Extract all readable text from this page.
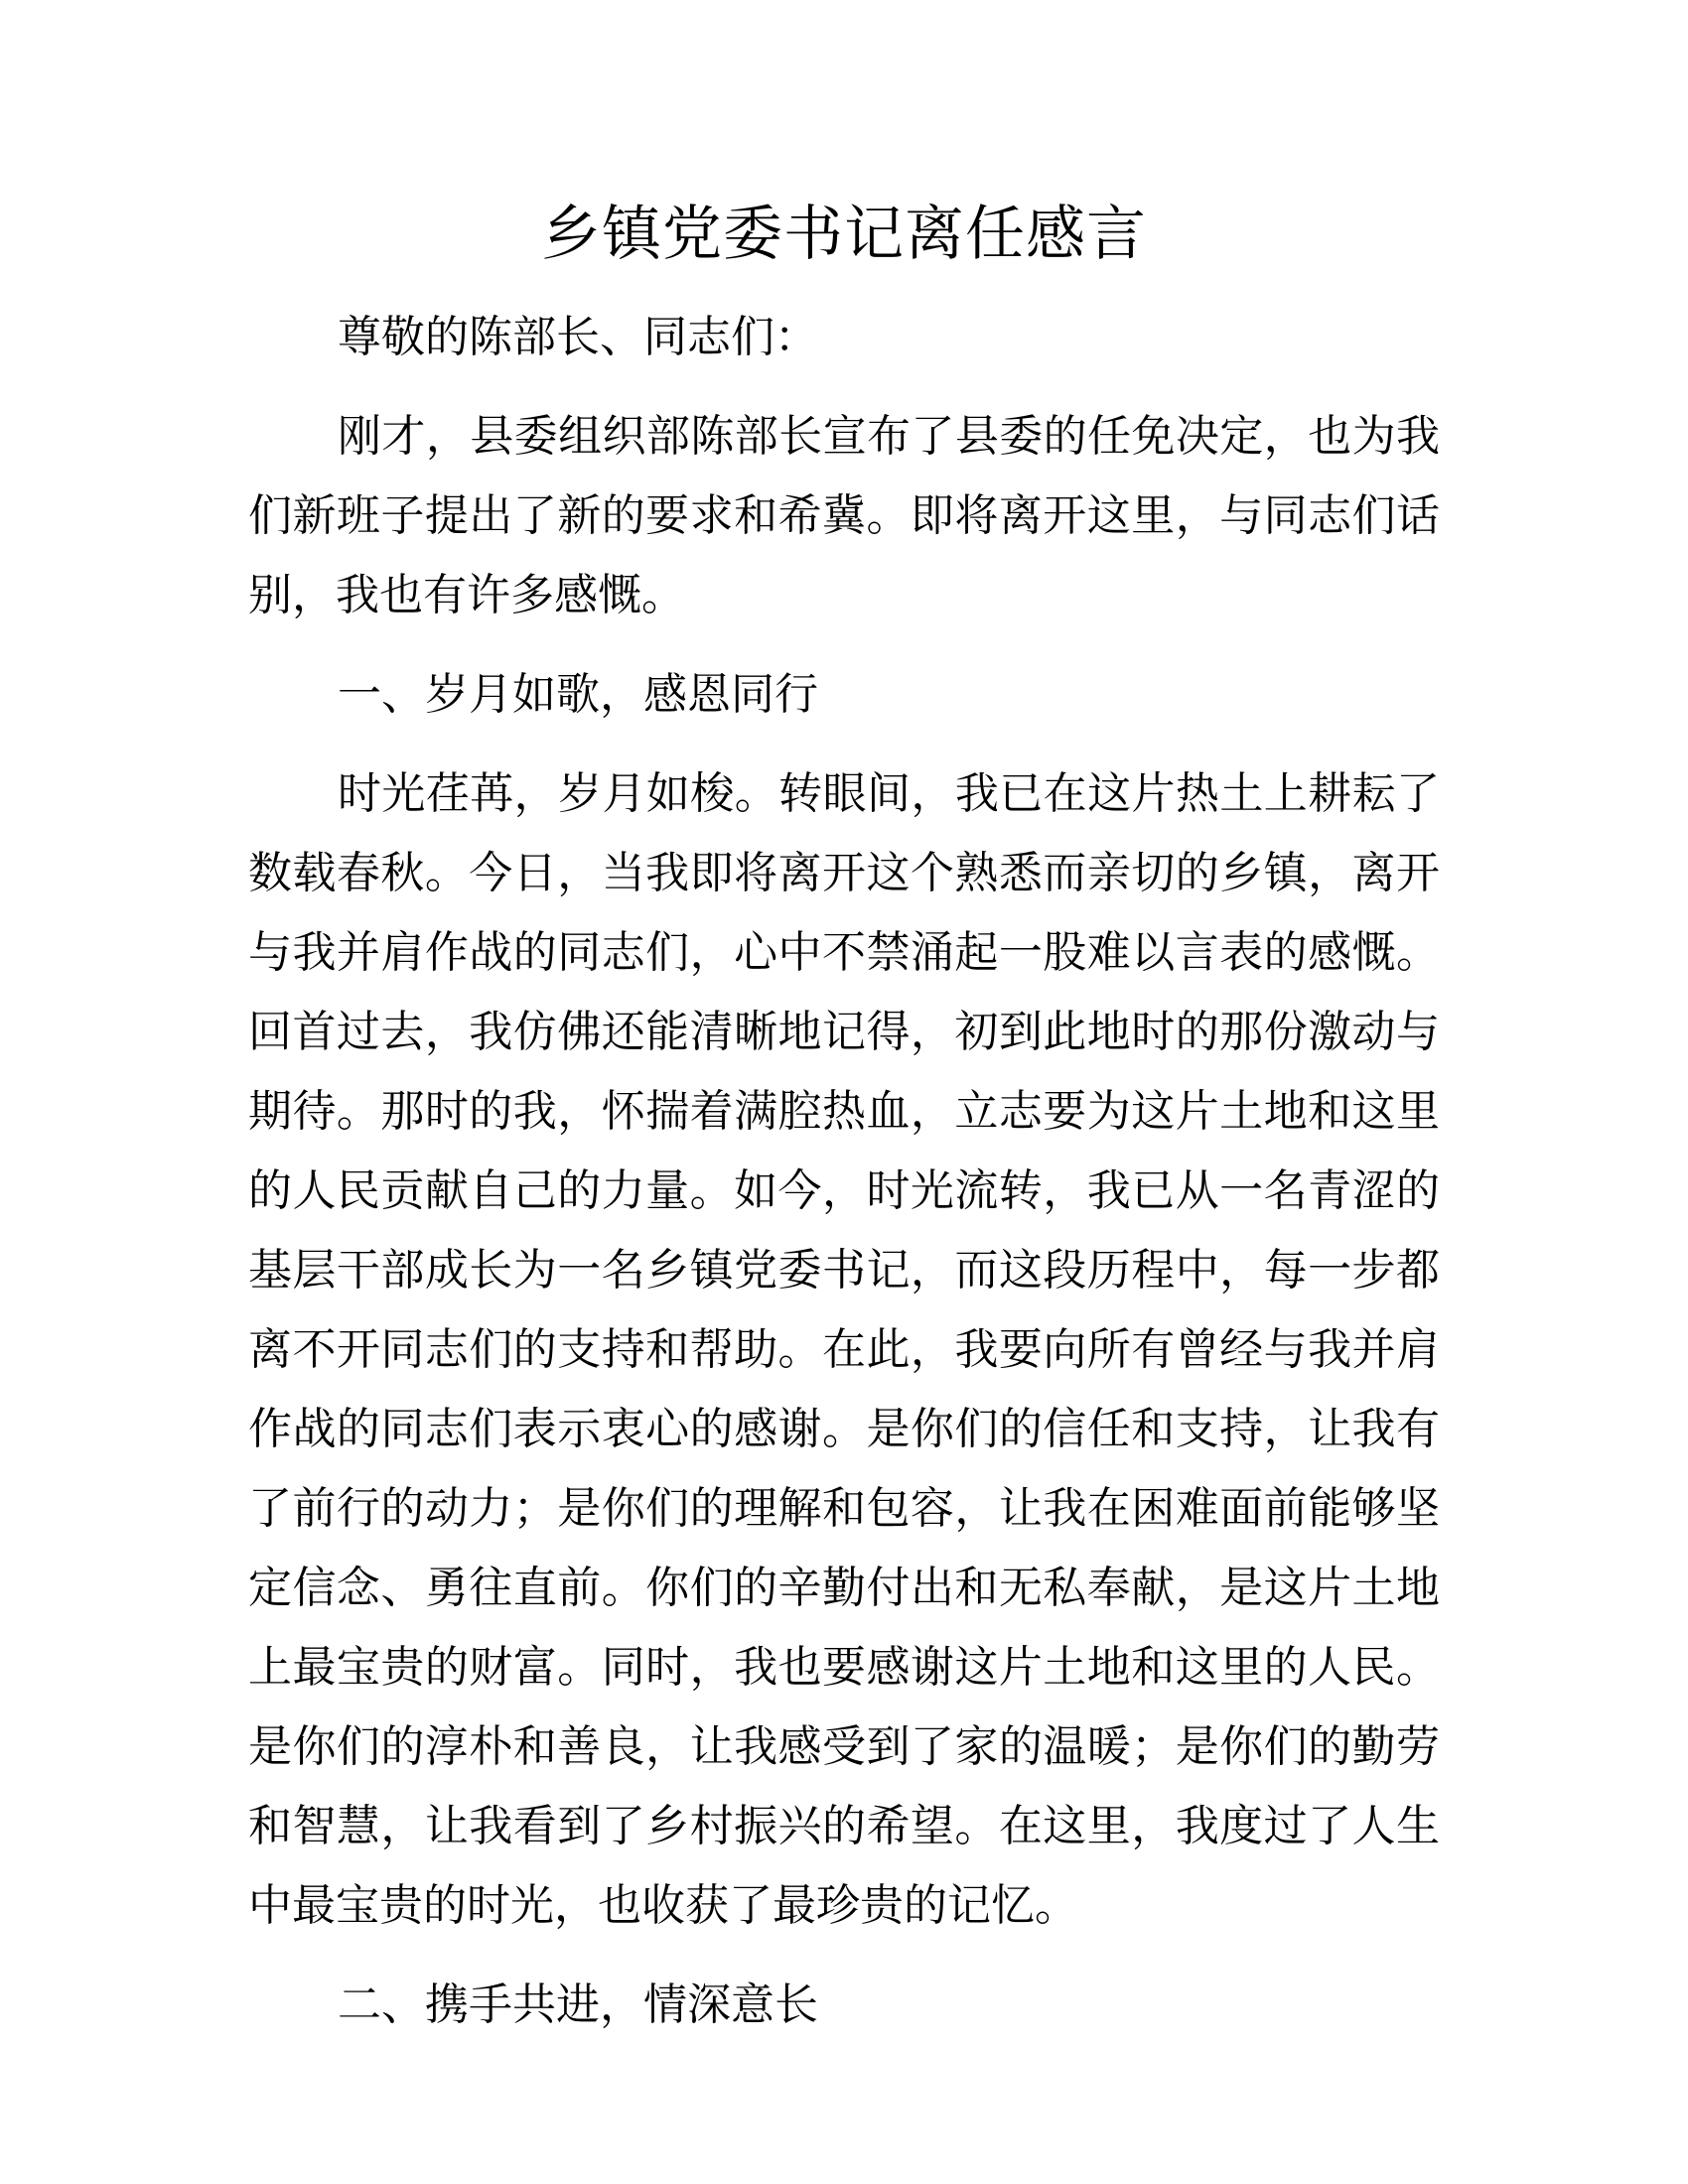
乡镇党委书记离任感言

尊敬的陈部长、同志们：

刚才，县委组织部陈部长宣布了县委的任免决定，也为我们新班子提出了新的要求和希冀。即将离开这里，与同志们话别，我也有许多感慨。

一、岁月如歌，感恩同行

时光荏苒，岁月如梭。转眼间，我已在这片热土上耕耘了数载春秋。今日，当我即将离开这个熟悉而亲切的乡镇，离开与我并肩作战的同志们，心中不禁涌起一股难以言表的感慨。回首过去，我仿佛还能清晰地记得，初到此地时的那份激动与期待。那时的我，怀揣着满腔热血，立志要为这片土地和这里的人民贡献自己的力量。如今，时光流转，我已从一名青涩的基层干部成长为一名乡镇党委书记，而这段历程中，每一步都离不开同志们的支持和帮助。在此，我要向所有曾经与我并肩作战的同志们表示衷心的感谢。是你们的信任和支持，让我有了前行的动力；是你们的理解和包容，让我在困难面前能够坚定信念、勇往直前。你们的辛勤付出和无私奉献，是这片土地上最宝贵的财富。同时，我也要感谢这片土地和这里的人民。是你们的淳朴和善良，让我感受到了家的温暖；是你们的勤劳和智慧，让我看到了乡村振兴的希望。在这里，我度过了人生中最宝贵的时光，也收获了最珍贵的记忆。

二、携手共进，情深意长
